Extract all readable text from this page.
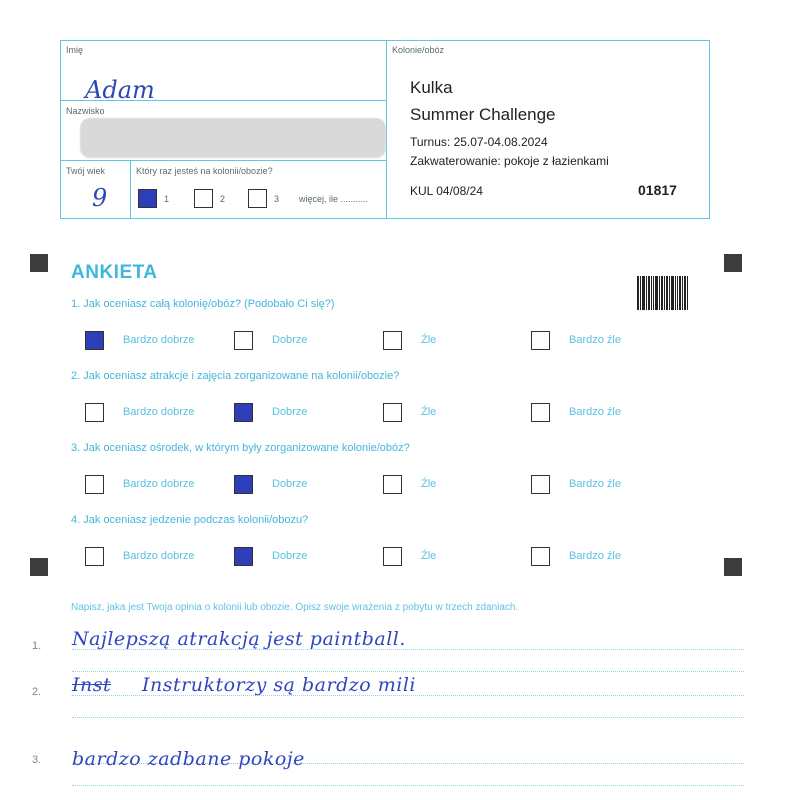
Imię
Adam
Nazwisko
Twój wiek
9
Który raz jesteś na kolonii/obozie?
1	2	3 więcej, ile ...........
Kolonie/obóz
Kulka
Summer Challenge
Turnus: 25.07-04.08.2024
Zakwaterowanie: pokoje z łazienkami
KUL 04/08/24	01817
ANKIETA
1. Jak oceniasz całą kolonię/obóz? (Podobało Ci się?)
Bardzo dobrze	Dobrze	Źle	Bardzo źle
2. Jak oceniasz atrakcje i zajęcia zorganizowane na kolonii/obozie?
Bardzo dobrze	Dobrze	Źle	Bardzo źle
3. Jak oceniasz ośrodek, w którym były zorganizowane kolonie/obóz?
Bardzo dobrze	Dobrze	Źle	Bardzo źle
4. Jak oceniasz jedzenie podczas kolonii/obozu?
Bardzo dobrze	Dobrze	Źle	Bardzo źle
Napisz, jaka jest Twoja opinia o kolonii lub obozie. Opisz swoje wrażenia z pobytu w trzech zdaniach.
1. Najlepszą atrakcją jest paintball.
2. Inst Instruktorzy są bardzo mili
3. bardzo zadbane pokoje
